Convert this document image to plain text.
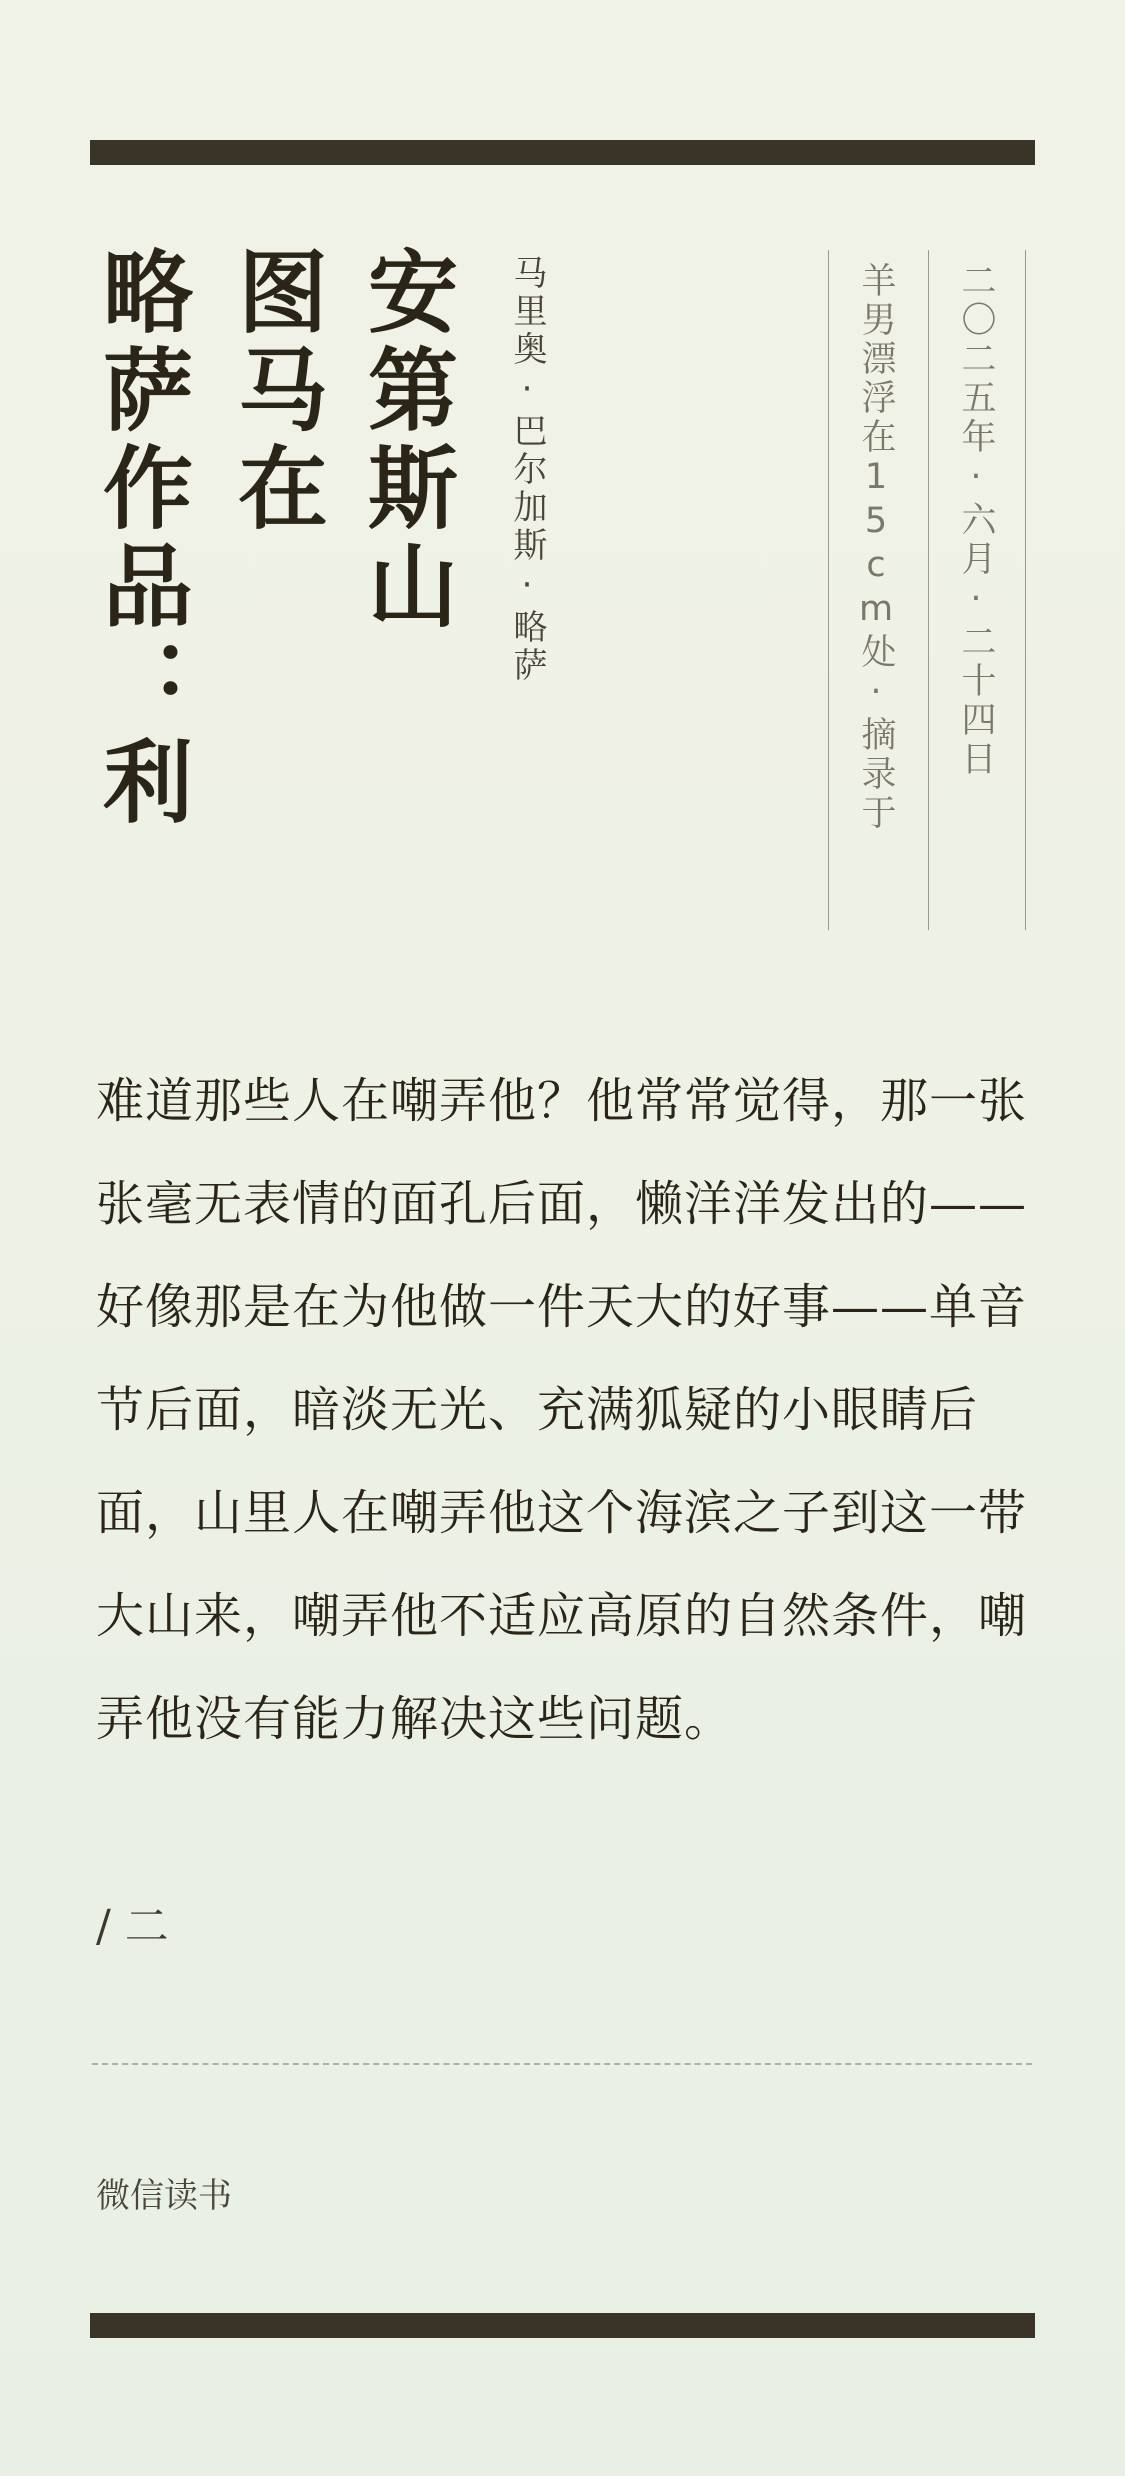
安第斯山
图马在
略萨作品：利	马里奥·巴尔加斯·略萨	羊男漂浮在15cm处·摘录于 二〇二五年·六月·二十四日

难道那些人在嘲弄他？他常常觉得，那一张张毫无表情的面孔后面，懒洋洋发出的——好像那是在为他做一件天大的好事——单音节后面，暗淡无光、充满狐疑的小眼睛后面，山里人在嘲弄他这个海滨之子到这一带大山来，嘲弄他不适应高原的自然条件，嘲弄他没有能力解决这些问题。

/ 二
微信读书
